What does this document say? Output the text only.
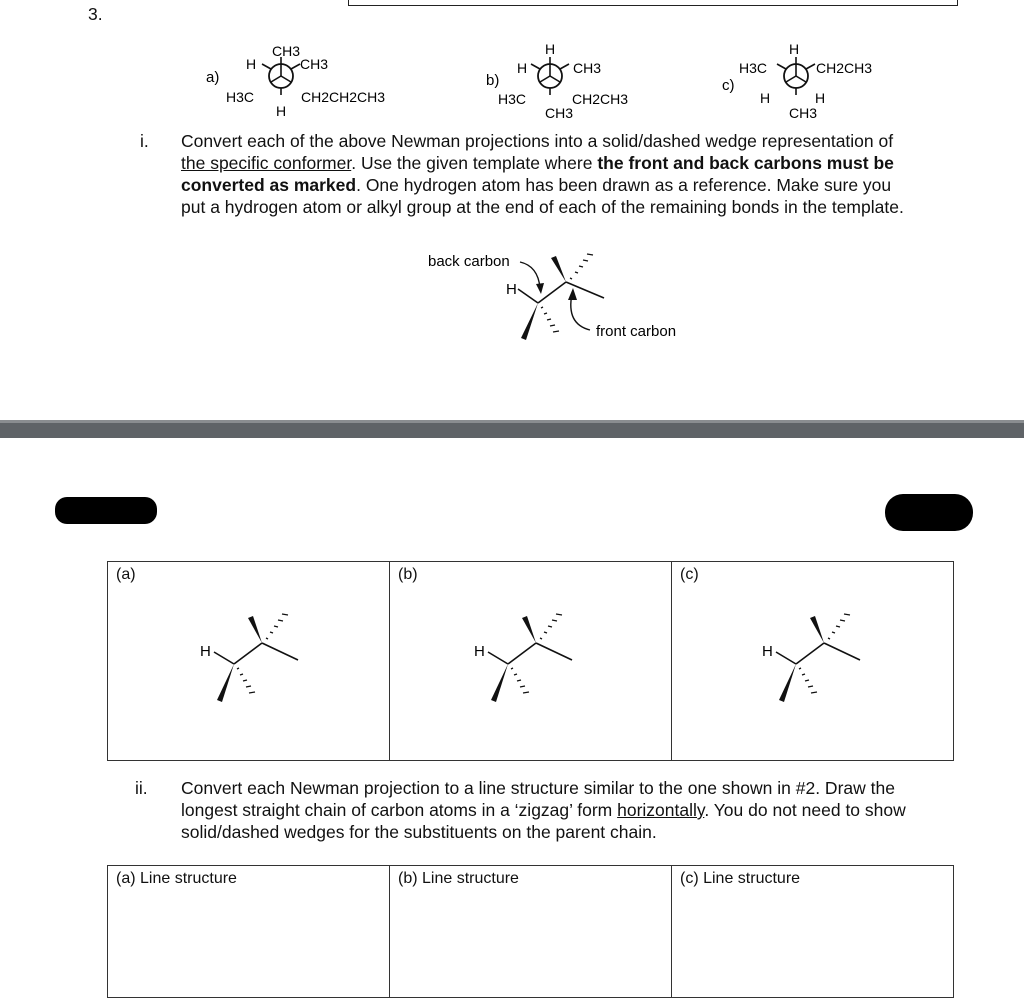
3.
a)
CH3
H	CH3
H3C	CH2CH2CH3
H
b)
H
H	CH3
H3C	CH2CH3
CH3
c)
H
H3C	CH2CH3
H	H
CH3
i. Convert each of the above Newman projections into a solid/dashed wedge representation of
the specific conformer. Use the given template where the front and back carbons must be
converted as marked. One hydrogen atom has been drawn as a reference. Make sure you
put a hydrogen atom or alkyl group at the end of each of the remaining bonds in the template.
back carbon
H
front carbon
(a)
H
	(b)
H
	(c)
H
ii. Convert each Newman projection to a line structure similar to the one shown in #2. Draw the
longest straight chain of carbon atoms in a ‘zigzag’ form horizontally. You do not need to show
solid/dashed wedges for the substituents on the parent chain.
(a) Line structure	(b) Line structure	(c) Line structure
